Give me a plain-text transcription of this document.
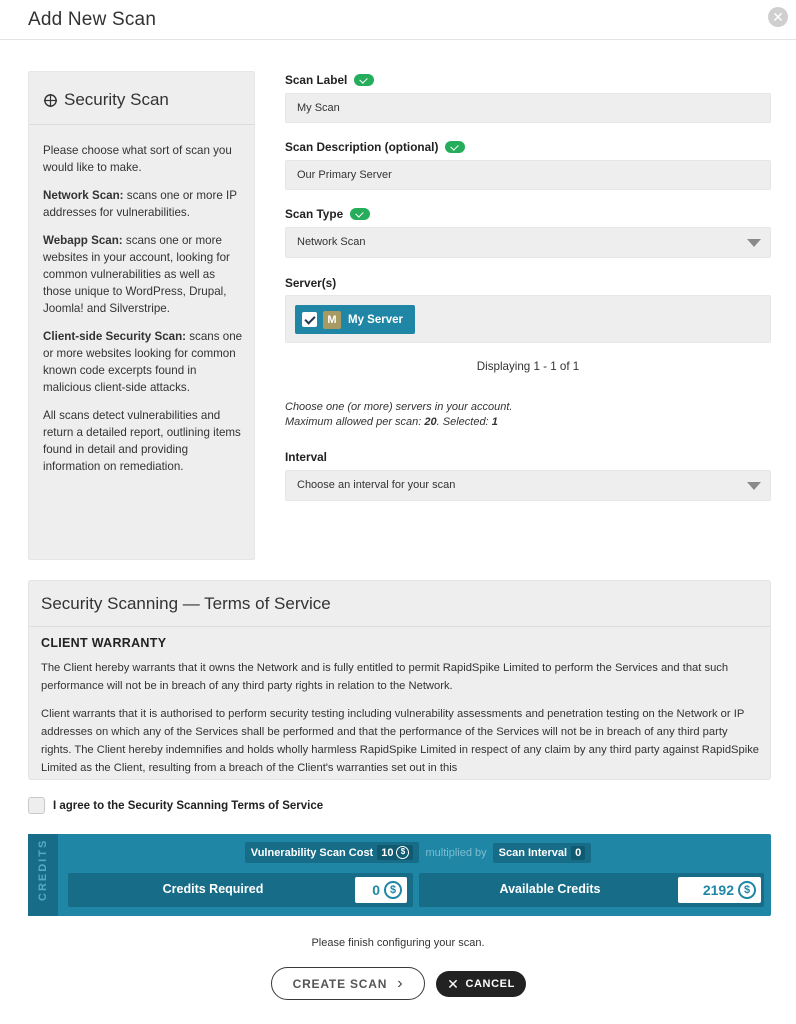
Add New Scan	✕
Security Scan

Please choose what sort of scan you would like to make.

Network Scan: scans one or more IP addresses for vulnerabilities.

Webapp Scan: scans one or more websites in your account, looking for common vulnerabilities as well as those unique to WordPress, Drupal, Joomla! and Silverstripe.

Client-side Security Scan: scans one or more websites looking for common known code excerpts found in malicious client-side attacks.

All scans detect vulnerabilities and return a detailed report, outlining items found in detail and providing information on remediation.

Scan Label
My Scan
Scan Description (optional)
Our Primary Server
Scan Type
Network Scan
Server(s)
M My Server
Displaying 1 - 1 of 1
Choose one (or more) servers in your account.
Maximum allowed per scan: 20. Selected: 1
Interval
Choose an interval for your scan
Security Scanning — Terms of Service
CLIENT WARRANTY
The Client hereby warrants that it owns the Network and is fully entitled to permit RapidSpike Limited to perform the Services and that such performance will not be in breach of any third party rights in relation to the Network.
Client warrants that it is authorised to perform security testing including vulnerability assessments and penetration testing on the Network or IP addresses on which any of the Services shall be performed and that the performance of the Services will not be in breach of any third party rights. The Client hereby indemnifies and holds wholly harmless RapidSpike Limited in respect of any claim by any third party against RapidSpike Limited as the Client, resulting from a breach of the Client's warranties set out in this
I agree to the Security Scanning Terms of Service
CREDITS	Vulnerability Scan Cost 10 $	multiplied by Scan Interval 0
Credits Required	0 $	Available Credits	2192 $
Please finish configuring your scan.
CREATE SCAN ›	✕ CANCEL
